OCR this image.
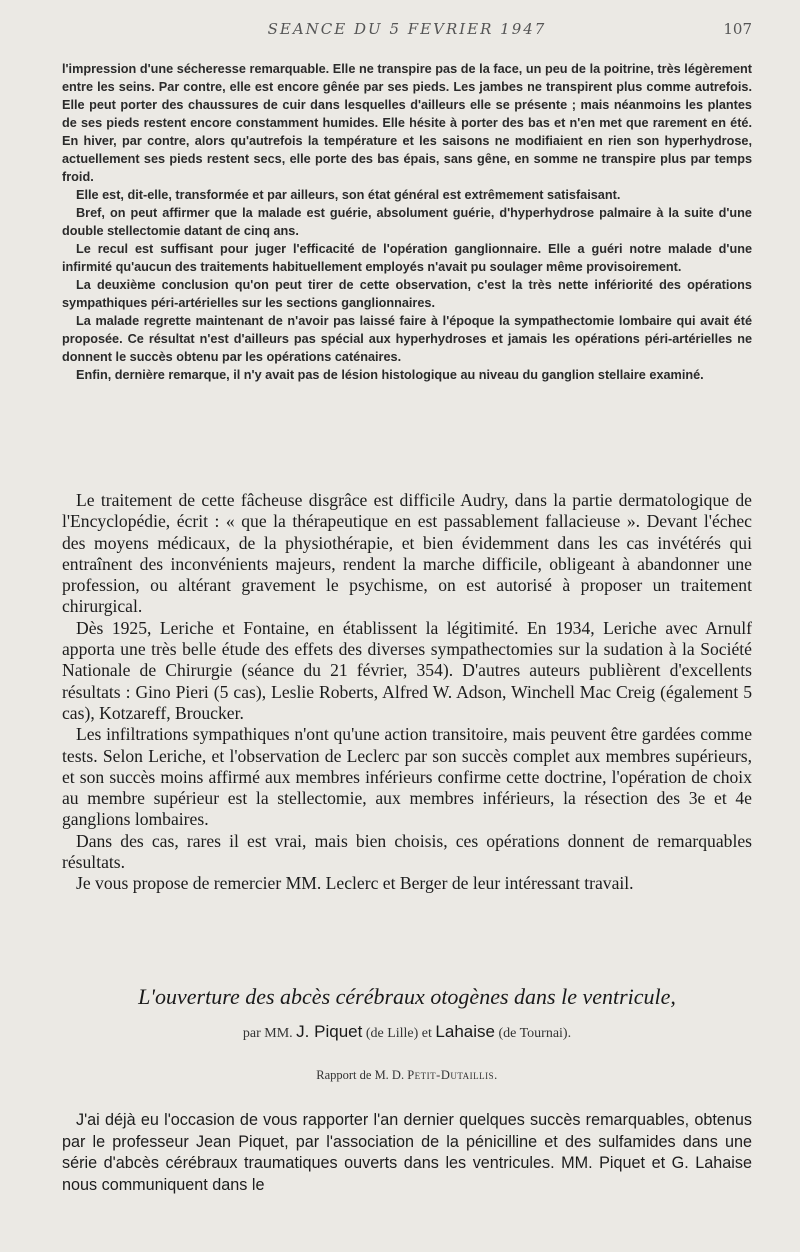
SEANCE DU 5 FEVRIER 1947	107

l'impression d'une sécheresse remarquable. Elle ne transpire pas de la face, un peu de la poitrine, très légèrement entre les seins. Par contre, elle est encore gênée par ses pieds. Les jambes ne transpirent plus comme autrefois. Elle peut porter des chaussures de cuir dans lesquelles d'ailleurs elle se présente ; mais néanmoins les plantes de ses pieds restent encore constamment humides. Elle hésite à porter des bas et n'en met que rarement en été. En hiver, par contre, alors qu'autrefois la température et les saisons ne modifiaient en rien son hyperhydrose, actuellement ses pieds restent secs, elle porte des bas épais, sans gêne, en somme ne transpire plus par temps froid.

Elle est, dit-elle, transformée et par ailleurs, son état général est extrêmement satisfaisant.

Bref, on peut affirmer que la malade est guérie, absolument guérie, d'hyperhydrose palmaire à la suite d'une double stellectomie datant de cinq ans.

Le recul est suffisant pour juger l'efficacité de l'opération ganglionnaire. Elle a guéri notre malade d'une infirmité qu'aucun des traitements habituellement employés n'avait pu soulager même provisoirement.

La deuxième conclusion qu'on peut tirer de cette observation, c'est la très nette infériorité des opérations sympathiques péri-artérielles sur les sections ganglionnaires.

La malade regrette maintenant de n'avoir pas laissé faire à l'époque la sympathectomie lombaire qui avait été proposée. Ce résultat n'est d'ailleurs pas spécial aux hyperhydroses et jamais les opérations péri-artérielles ne donnent le succès obtenu par les opérations caténaires.

Enfin, dernière remarque, il n'y avait pas de lésion histologique au niveau du ganglion stellaire examiné.

Le traitement de cette fâcheuse disgrâce est difficile Audry, dans la partie dermatologique de l'Encyclopédie, écrit : « que la thérapeutique en est passablement fallacieuse ». Devant l'échec des moyens médicaux, de la physiothérapie, et bien évidemment dans les cas invétérés qui entraînent des inconvénients majeurs, rendent la marche difficile, obligeant à abandonner une profession, ou altérant gravement le psychisme, on est autorisé à proposer un traitement chirurgical.

Dès 1925, Leriche et Fontaine, en établissent la légitimité. En 1934, Leriche avec Arnulf apporta une très belle étude des effets des diverses sympathectomies sur la sudation à la Société Nationale de Chirurgie (séance du 21 février, 354). D'autres auteurs publièrent d'excellents résultats : Gino Pieri (5 cas), Leslie Roberts, Alfred W. Adson, Winchell Mac Creig (également 5 cas), Kotzareff, Broucker.

Les infiltrations sympathiques n'ont qu'une action transitoire, mais peuvent être gardées comme tests. Selon Leriche, et l'observation de Leclerc par son succès complet aux membres supérieurs, et son succès moins affirmé aux membres inférieurs confirme cette doctrine, l'opération de choix au membre supérieur est la stellectomie, aux membres inférieurs, la résection des 3e et 4e ganglions lombaires.

Dans des cas, rares il est vrai, mais bien choisis, ces opérations donnent de remarquables résultats.

Je vous propose de remercier MM. Leclerc et Berger de leur intéressant travail.

L'ouverture des abcès cérébraux otogènes dans le ventricule,
par MM. J. Piquet (de Lille) et Lahaise (de Tournai).
Rapport de M. D. Petit-Dutaillis.

J'ai déjà eu l'occasion de vous rapporter l'an dernier quelques succès remarquables, obtenus par le professeur Jean Piquet, par l'association de la pénicilline et des sulfamides dans une série d'abcès cérébraux traumatiques ouverts dans les ventricules. MM. Piquet et G. Lahaise nous communiquent dans le
